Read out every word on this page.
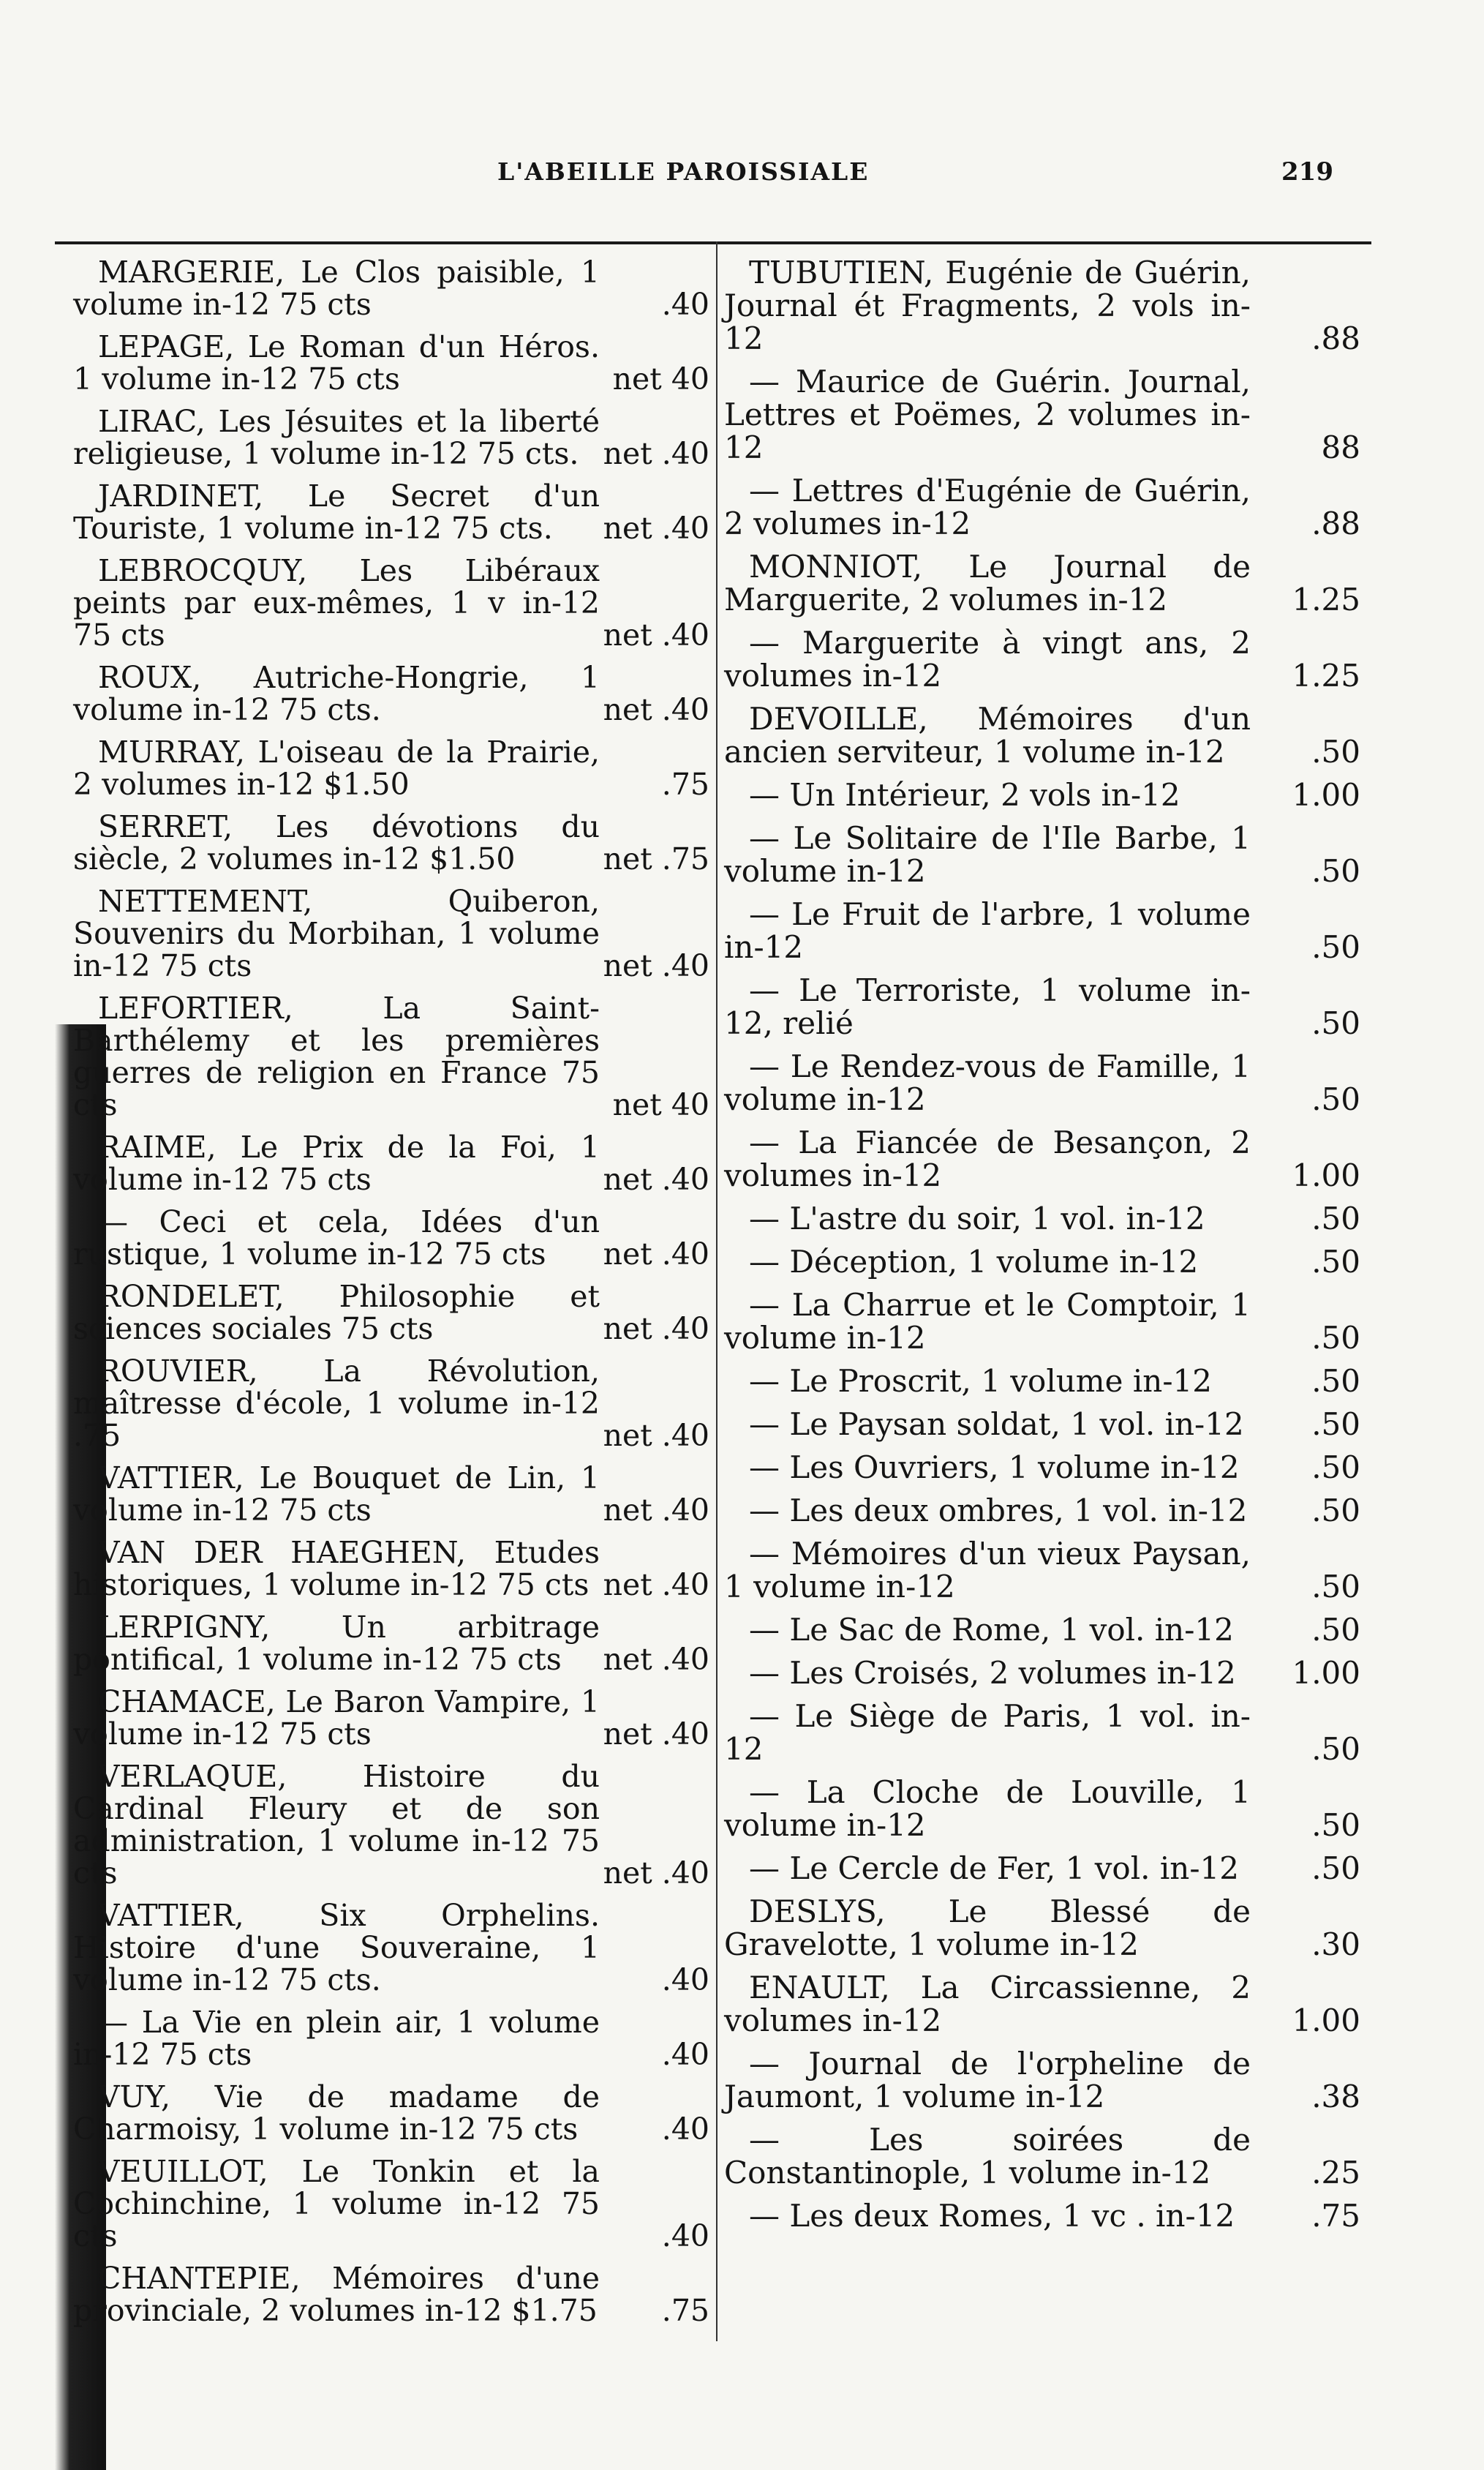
L'ABEILLE PAROISSIALE	219
MARGERIE, Le Clos paisible, 1 volume in-12 75 cts	.40
LEPAGE, Le Roman d'un Héros. 1 volume in-12 75 cts	net 40
LIRAC, Les Jésuites et la liberté religieuse, 1 volume in-12 75 cts. net .40
JARDINET, Le Secret d'un Touriste, 1 volume in-12 75 cts.	net .40
LEBROCQUY, Les Libéraux peints par eux-mêmes, 1 v in-12 75 cts	net .40
ROUX, Autriche-Hongrie, 1 volume in-12 75 cts.	net .40
MURRAY, L'oiseau de la Prairie, 2 volumes in-12 $1.50	.75
SERRET, Les dévotions du siècle, 2 volumes in-12 $1.50	net .75
NETTEMENT, Quiberon, Souvenirs du Morbihan, 1 volume in-12 75 cts	net .40
LEFORTIER, La Saint-Barthélemy et les premières guerres de religion en France 75 cts	net 40
RAIME, Le Prix de la Foi, 1 volume in-12 75 cts	net .40
— Ceci et cela, Idées d'un rustique, 1 volume in-12 75 cts	net .40
RONDELET, Philosophie et sciences sociales 75 cts	net .40
ROUVIER, La Révolution, maîtresse d'école, 1 volume in-12 .75	net .40
VATTIER, Le Bouquet de Lin, 1 volume in-12 75 cts	net .40
VAN DER HAEGHEN, Etudes historiques, 1 volume in-12 75 cts net .40
LERPIGNY, Un arbitrage pontifical, 1 volume in-12 75 cts	net .40
CHAMACE, Le Baron Vampire, 1 volume in-12 75 cts	net .40
VERLAQUE, Histoire du Cardinal Fleury et de son administration, 1 volume in-12 75 cts	net .40
VATTIER, Six Orphelins. Histoire d'une Souveraine, 1 volume in-12 75 cts.	.40
— La Vie en plein air, 1 volume in-12 75 cts	.40
VUY, Vie de madame de Charmoisy, 1 volume in-12 75 cts	.40
VEUILLOT, Le Tonkin et la Cochinchine, 1 volume in-12 75 cts	.40
CHANTEPIE, Mémoires d'une provinciale, 2 volumes in-12 $1.75	.75
TUBUTIEN, Eugénie de Guérin, Journal ét Fragments, 2 vols in-12	.88
— Maurice de Guérin. Journal, Lettres et Poëmes, 2 volumes in-12	88
— Lettres d'Eugénie de Guérin, 2 volumes in-12	.88
MONNIOT, Le Journal de Marguerite, 2 volumes in-12	1.25
— Marguerite à vingt ans, 2 volumes in-12	1.25
DEVOILLE, Mémoires d'un ancien serviteur, 1 volume in-12	.50
— Un Intérieur, 2 vols in-12	1.00
— Le Solitaire de l'Ile Barbe, 1 volume in-12	.50
— Le Fruit de l'arbre, 1 volume in-12	.50
— Le Terroriste, 1 volume in-12, relié	.50
— Le Rendez-vous de Famille, 1 volume in-12	.50
— La Fiancée de Besançon, 2 volumes in-12	1.00
— L'astre du soir, 1 vol. in-12	.50
— Déception, 1 volume in-12	.50
— La Charrue et le Comptoir, 1 volume in-12	.50
— Le Proscrit, 1 volume in-12	.50
— Le Paysan soldat, 1 vol. in-12	.50
— Les Ouvriers, 1 volume in-12	.50
— Les deux ombres, 1 vol. in-12	.50
— Mémoires d'un vieux Paysan, 1 volume in-12	.50
— Le Sac de Rome, 1 vol. in-12	.50
— Les Croisés, 2 volumes in-12	1.00
— Le Siège de Paris, 1 vol. in-12	.50
— La Cloche de Louville, 1 volume in-12	.50
— Le Cercle de Fer, 1 vol. in-12	.50
DESLYS, Le Blessé de Gravelotte, 1 volume in-12	.30
ENAULT, La Circassienne, 2 volumes in-12	1.00
— Journal de l'orpheline de Jaumont, 1 volume in-12	.38
— Les soirées de Constantinople, 1 volume in-12	.25
— Les deux Romes, 1 vc . in-12	.75
